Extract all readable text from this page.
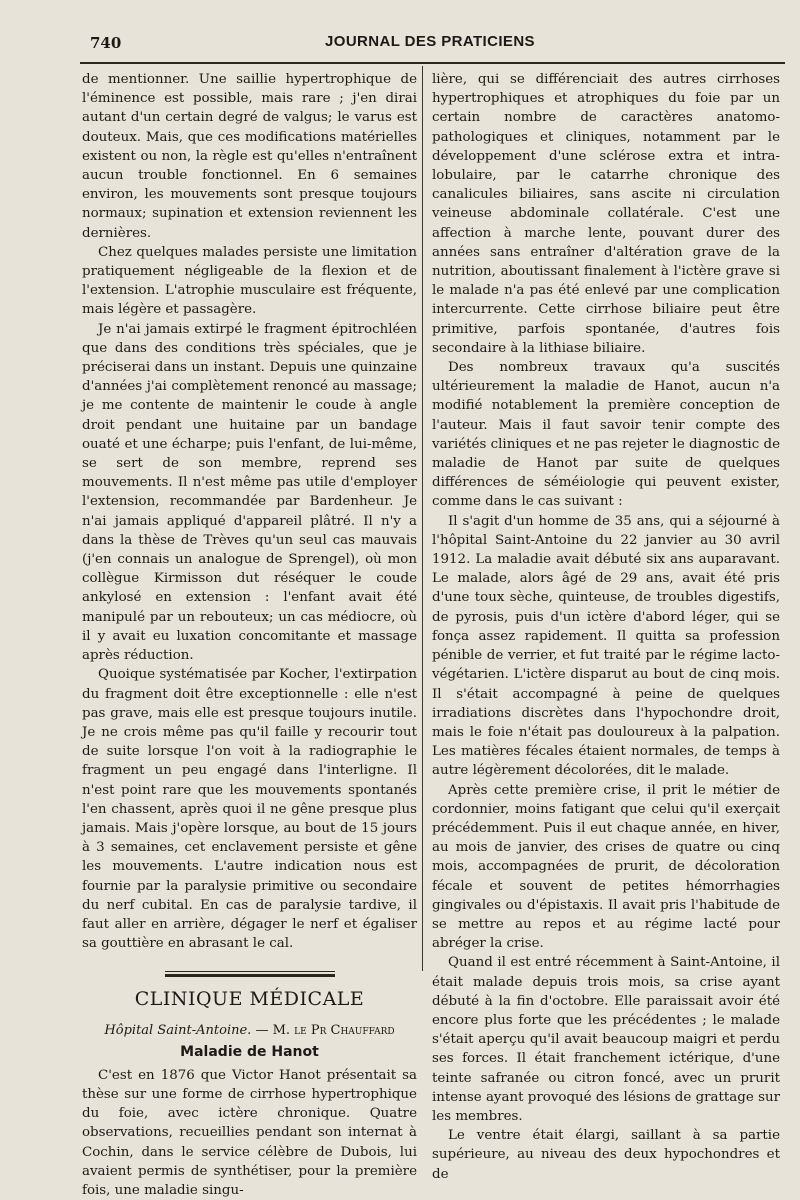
740	JOURNAL DES PRATICIENS

de mentionner. Une saillie hypertrophique de l'éminence est possible, mais rare ; j'en dirai autant d'un certain degré de valgus; le varus est douteux. Mais, que ces modifications matérielles existent ou non, la règle est qu'elles n'entraînent aucun trouble fonctionnel. En 6 semaines environ, les mouvements sont presque toujours normaux; supination et extension reviennent les dernières.

Chez quelques malades persiste une limitation pratiquement négligeable de la flexion et de l'extension. L'atrophie musculaire est fréquente, mais légère et passagère.

Je n'ai jamais extirpé le fragment épitrochléen que dans des conditions très spéciales, que je préciserai dans un instant. Depuis une quinzaine d'années j'ai complètement renoncé au massage; je me contente de maintenir le coude à angle droit pendant une huitaine par un bandage ouaté et une écharpe; puis l'enfant, de lui-même, se sert de son membre, reprend ses mouvements. Il n'est même pas utile d'employer l'extension, recommandée par Bardenheur. Je n'ai jamais appliqué d'appareil plâtré. Il n'y a dans la thèse de Trèves qu'un seul cas mauvais (j'en connais un analogue de Sprengel), où mon collègue Kirmisson dut réséquer le coude ankylosé en extension : l'enfant avait été manipulé par un rebouteux; un cas médiocre, où il y avait eu luxation concomitante et massage après réduction.

Quoique systématisée par Kocher, l'extirpation du fragment doit être exceptionnelle : elle n'est pas grave, mais elle est presque toujours inutile. Je ne crois même pas qu'il faille y recourir tout de suite lorsque l'on voit à la radiographie le fragment un peu engagé dans l'interligne. Il n'est point rare que les mouvements spontanés l'en chassent, après quoi il ne gêne presque plus jamais. Mais j'opère lorsque, au bout de 15 jours à 3 semaines, cet enclavement persiste et gêne les mouvements. L'autre indication nous est fournie par la paralysie primitive ou secondaire du nerf cubital. En cas de paralysie tardive, il faut aller en arrière, dégager le nerf et égaliser sa gouttière en abrasant le cal.

CLINIQUE MÉDICALE
Hôpital Saint-Antoine. — M. le Pr Chauffard
Maladie de Hanot

C'est en 1876 que Victor Hanot présentait sa thèse sur une forme de cirrhose hypertrophique du foie, avec ictère chronique. Quatre observations, recueillies pendant son internat à Cochin, dans le service célèbre de Dubois, lui avaient permis de synthétiser, pour la première fois, une maladie singu-

lière, qui se différenciait des autres cirrhoses hypertrophiques et atrophiques du foie par un certain nombre de caractères anatomo-pathologiques et cliniques, notamment par le développement d'une sclérose extra et intra-lobulaire, par le catarrhe chronique des canalicules biliaires, sans ascite ni circulation veineuse abdominale collatérale. C'est une affection à marche lente, pouvant durer des années sans entraîner d'altération grave de la nutrition, aboutissant finalement à l'ictère grave si le malade n'a pas été enlevé par une complication intercurrente. Cette cirrhose biliaire peut être primitive, parfois spontanée, d'autres fois secondaire à la lithiase biliaire.

Des nombreux travaux qu'a suscités ultérieurement la maladie de Hanot, aucun n'a modifié notablement la première conception de l'auteur. Mais il faut savoir tenir compte des variétés cliniques et ne pas rejeter le diagnostic de maladie de Hanot par suite de quelques différences de séméiologie qui peuvent exister, comme dans le cas suivant :

Il s'agit d'un homme de 35 ans, qui a séjourné à l'hôpital Saint-Antoine du 22 janvier au 30 avril 1912. La maladie avait débuté six ans auparavant. Le malade, alors âgé de 29 ans, avait été pris d'une toux sèche, quinteuse, de troubles digestifs, de pyrosis, puis d'un ictère d'abord léger, qui se fonça assez rapidement. Il quitta sa profession pénible de verrier, et fut traité par le régime lacto-végétarien. L'ictère disparut au bout de cinq mois. Il s'était accompagné à peine de quelques irradiations discrètes dans l'hypochondre droit, mais le foie n'était pas douloureux à la palpation. Les matières fécales étaient normales, de temps à autre légèrement décolorées, dit le malade.

Après cette première crise, il prit le métier de cordonnier, moins fatigant que celui qu'il exerçait précédemment. Puis il eut chaque année, en hiver, au mois de janvier, des crises de quatre ou cinq mois, accompagnées de prurit, de décoloration fécale et souvent de petites hémorrhagies gingivales ou d'épistaxis. Il avait pris l'habitude de se mettre au repos et au régime lacté pour abréger la crise.

Quand il est entré récemment à Saint-Antoine, il était malade depuis trois mois, sa crise ayant débuté à la fin d'octobre. Elle paraissait avoir été encore plus forte que les précédentes ; le malade s'était aperçu qu'il avait beaucoup maigri et perdu ses forces. Il était franchement ictérique, d'une teinte safranée ou citron foncé, avec un prurit intense ayant provoqué des lésions de grattage sur les membres.

Le ventre était élargi, saillant à sa partie supérieure, au niveau des deux hypochondres et de
